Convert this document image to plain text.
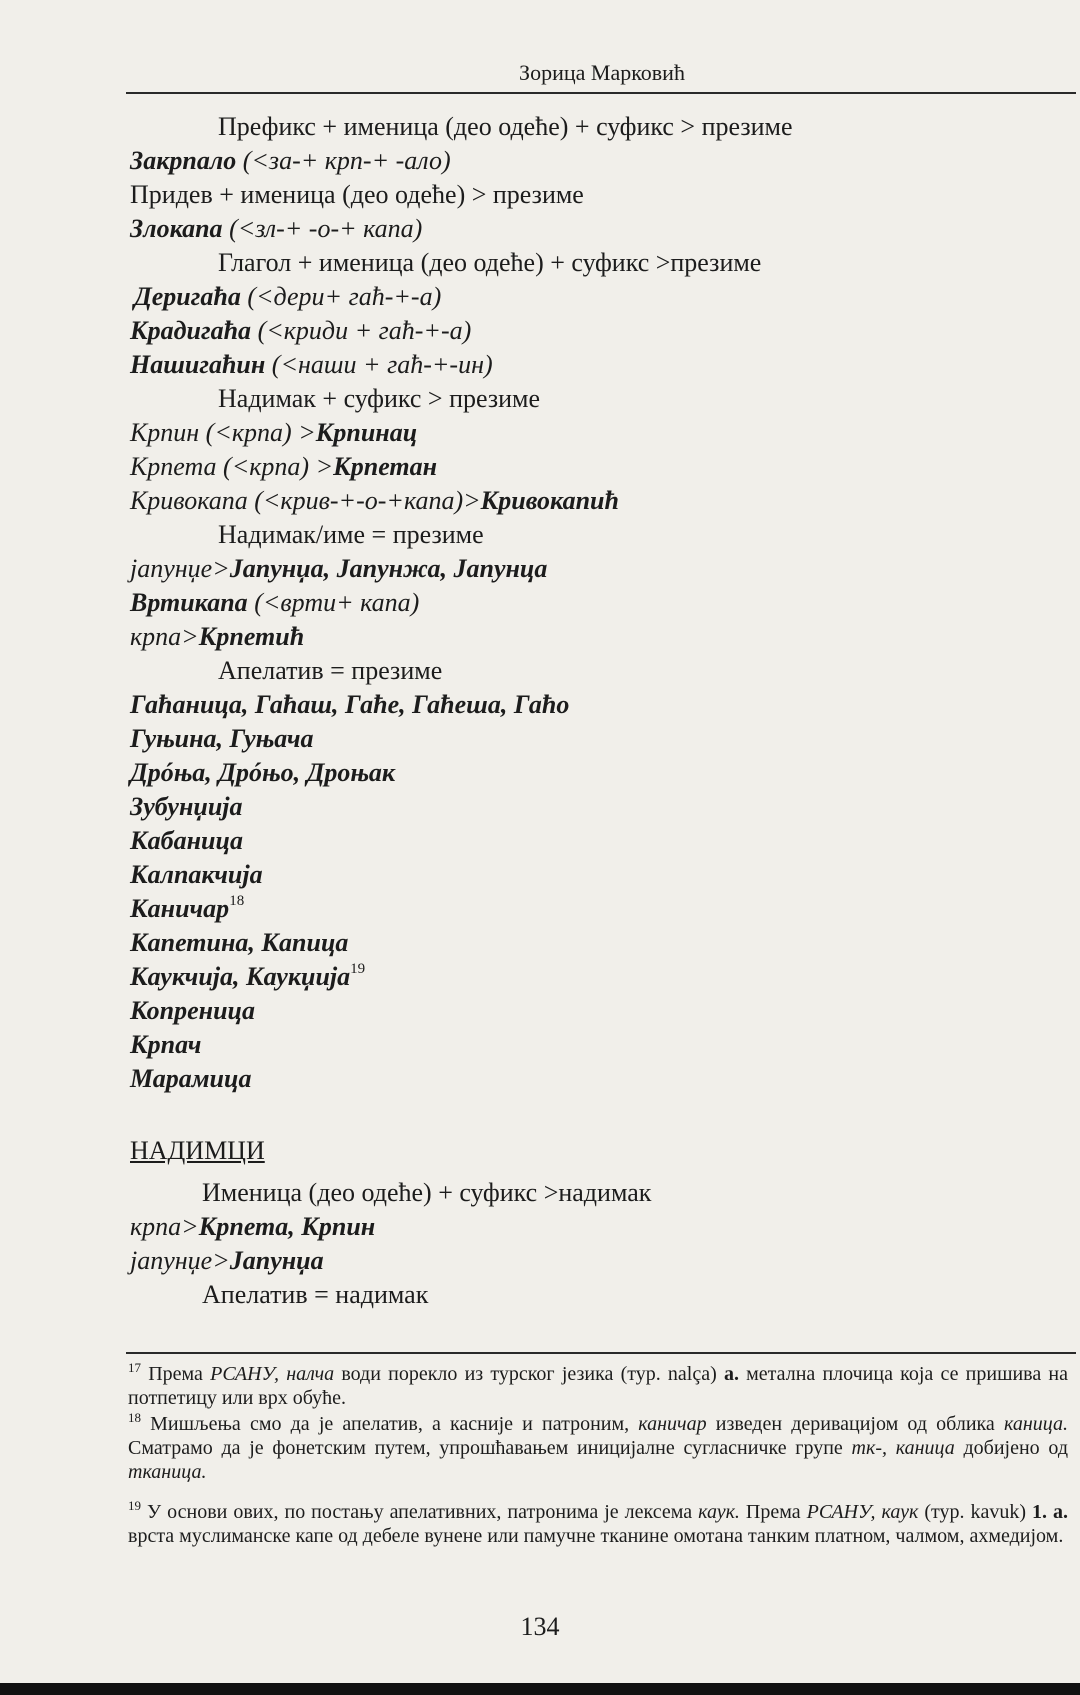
Зорица Марковић
Префикс + именица (део одеће) + суфикс > презиме
Закрпало (<за-+ крп-+ -ало)
Придев + именица (део одеће) > презиме
Злокапа (<зл-+ -о-+ капа)
Глагол + именица (део одеће) + суфикс >презиме
Деригаћа (<дери+ гаћ-+-а)
Крадигаћа (<криди + гаћ-+-а)
Нашигаћин (<наши + гаћ-+-ин)
Надимак + суфикс > презиме
Крпин (<крпа) >Крпинац
Крпета (<крпа) >Крпетан
Кривокапа (<крив-+-о-+капа)>Кривокапић
Надимак/име = презиме
јапунџе>Јапунџа, Јапунжа, Јапунца
Вртикапа (<врти+ капа)
крпа>Крпетић
Апелатив = презиме
Гаћаница, Гаћаш, Гаће, Гаћеша, Гаћо
Гуњина, Гуњача
Дрóња, Дрóњо, Дроњак
Зубунџија
Кабаница
Калпакчија
Каничар$^{18}$
Капетина, Капица
Каукчија, Каукџија$^{19}$
Копреница
Крпач
Марамица
НАДИМЦИ
Именица (део одеће) + суфикс >надимак
крпа>Крпета, Крпин
јапунџе>Јапунџа
Апелатив = надимак
$^{17}$ Према РСАНУ, налча води порекло из турског језика (тур. nalça) а. метална плочица која се пришива на потпетицу или врх обуће.
$^{18}$ Мишљења смо да је апелатив, а касније и патроним, каничар изведен деривацијом од облика каница. Сматрамо да је фонетским путем, упрошћавањем иницијалне сугласничке групе тк-, каница добијено од тканица.
$^{19}$ У основи ових, по постању апелативних, патронима је лексема каук. Према РСАНУ, каук (тур. kavuk) 1. а. врста муслиманске капе од дебеле вунене или памучне тканине омотана танким платном, чалмом, ахмедијом.
134
